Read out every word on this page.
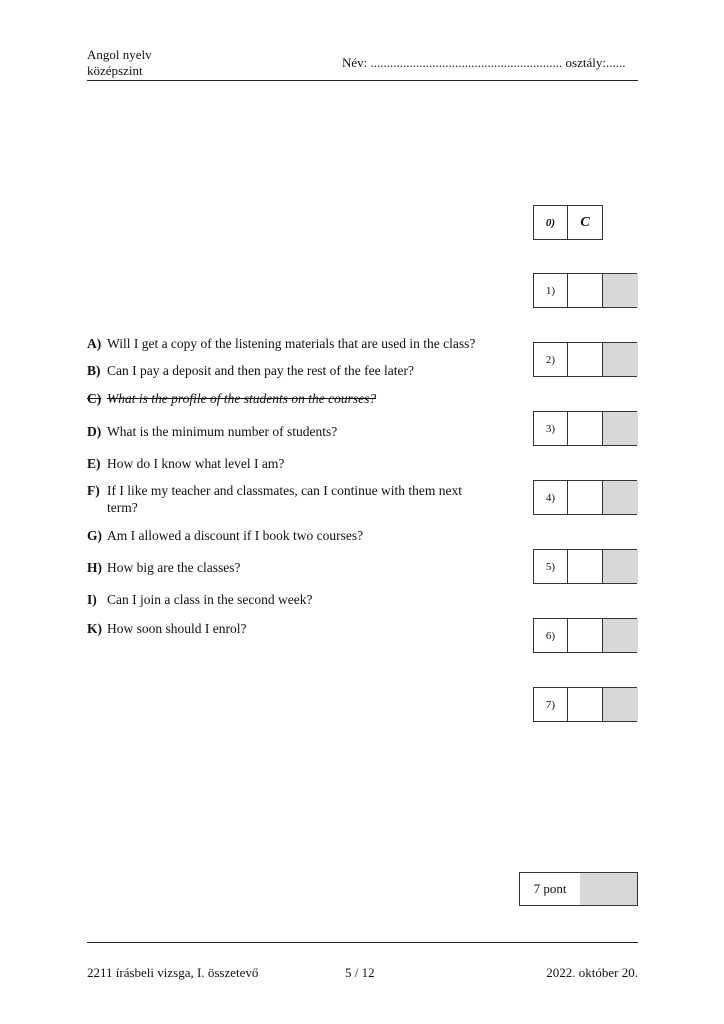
Angol nyelv
középszint
Név: ........................................................... osztály:......
A) Will I get a copy of the listening materials that are used in the class?
B) Can I pay a deposit and then pay the rest of the fee later?
C) What is the profile of the students on the courses?
D) What is the minimum number of students?
E) How do I know what level I am?
F) If I like my teacher and classmates, can I continue with them next
term?
G) Am I allowed a discount if I book two courses?
H) How big are the classes?
I) Can I join a class in the second week?
K) How soon should I enrol?
0)	C
1)
2)
3)
4)
5)
6)
7)
7 pont
2211 írásbeli vizsga, I. összetevő	5 / 12	2022. október 20.
